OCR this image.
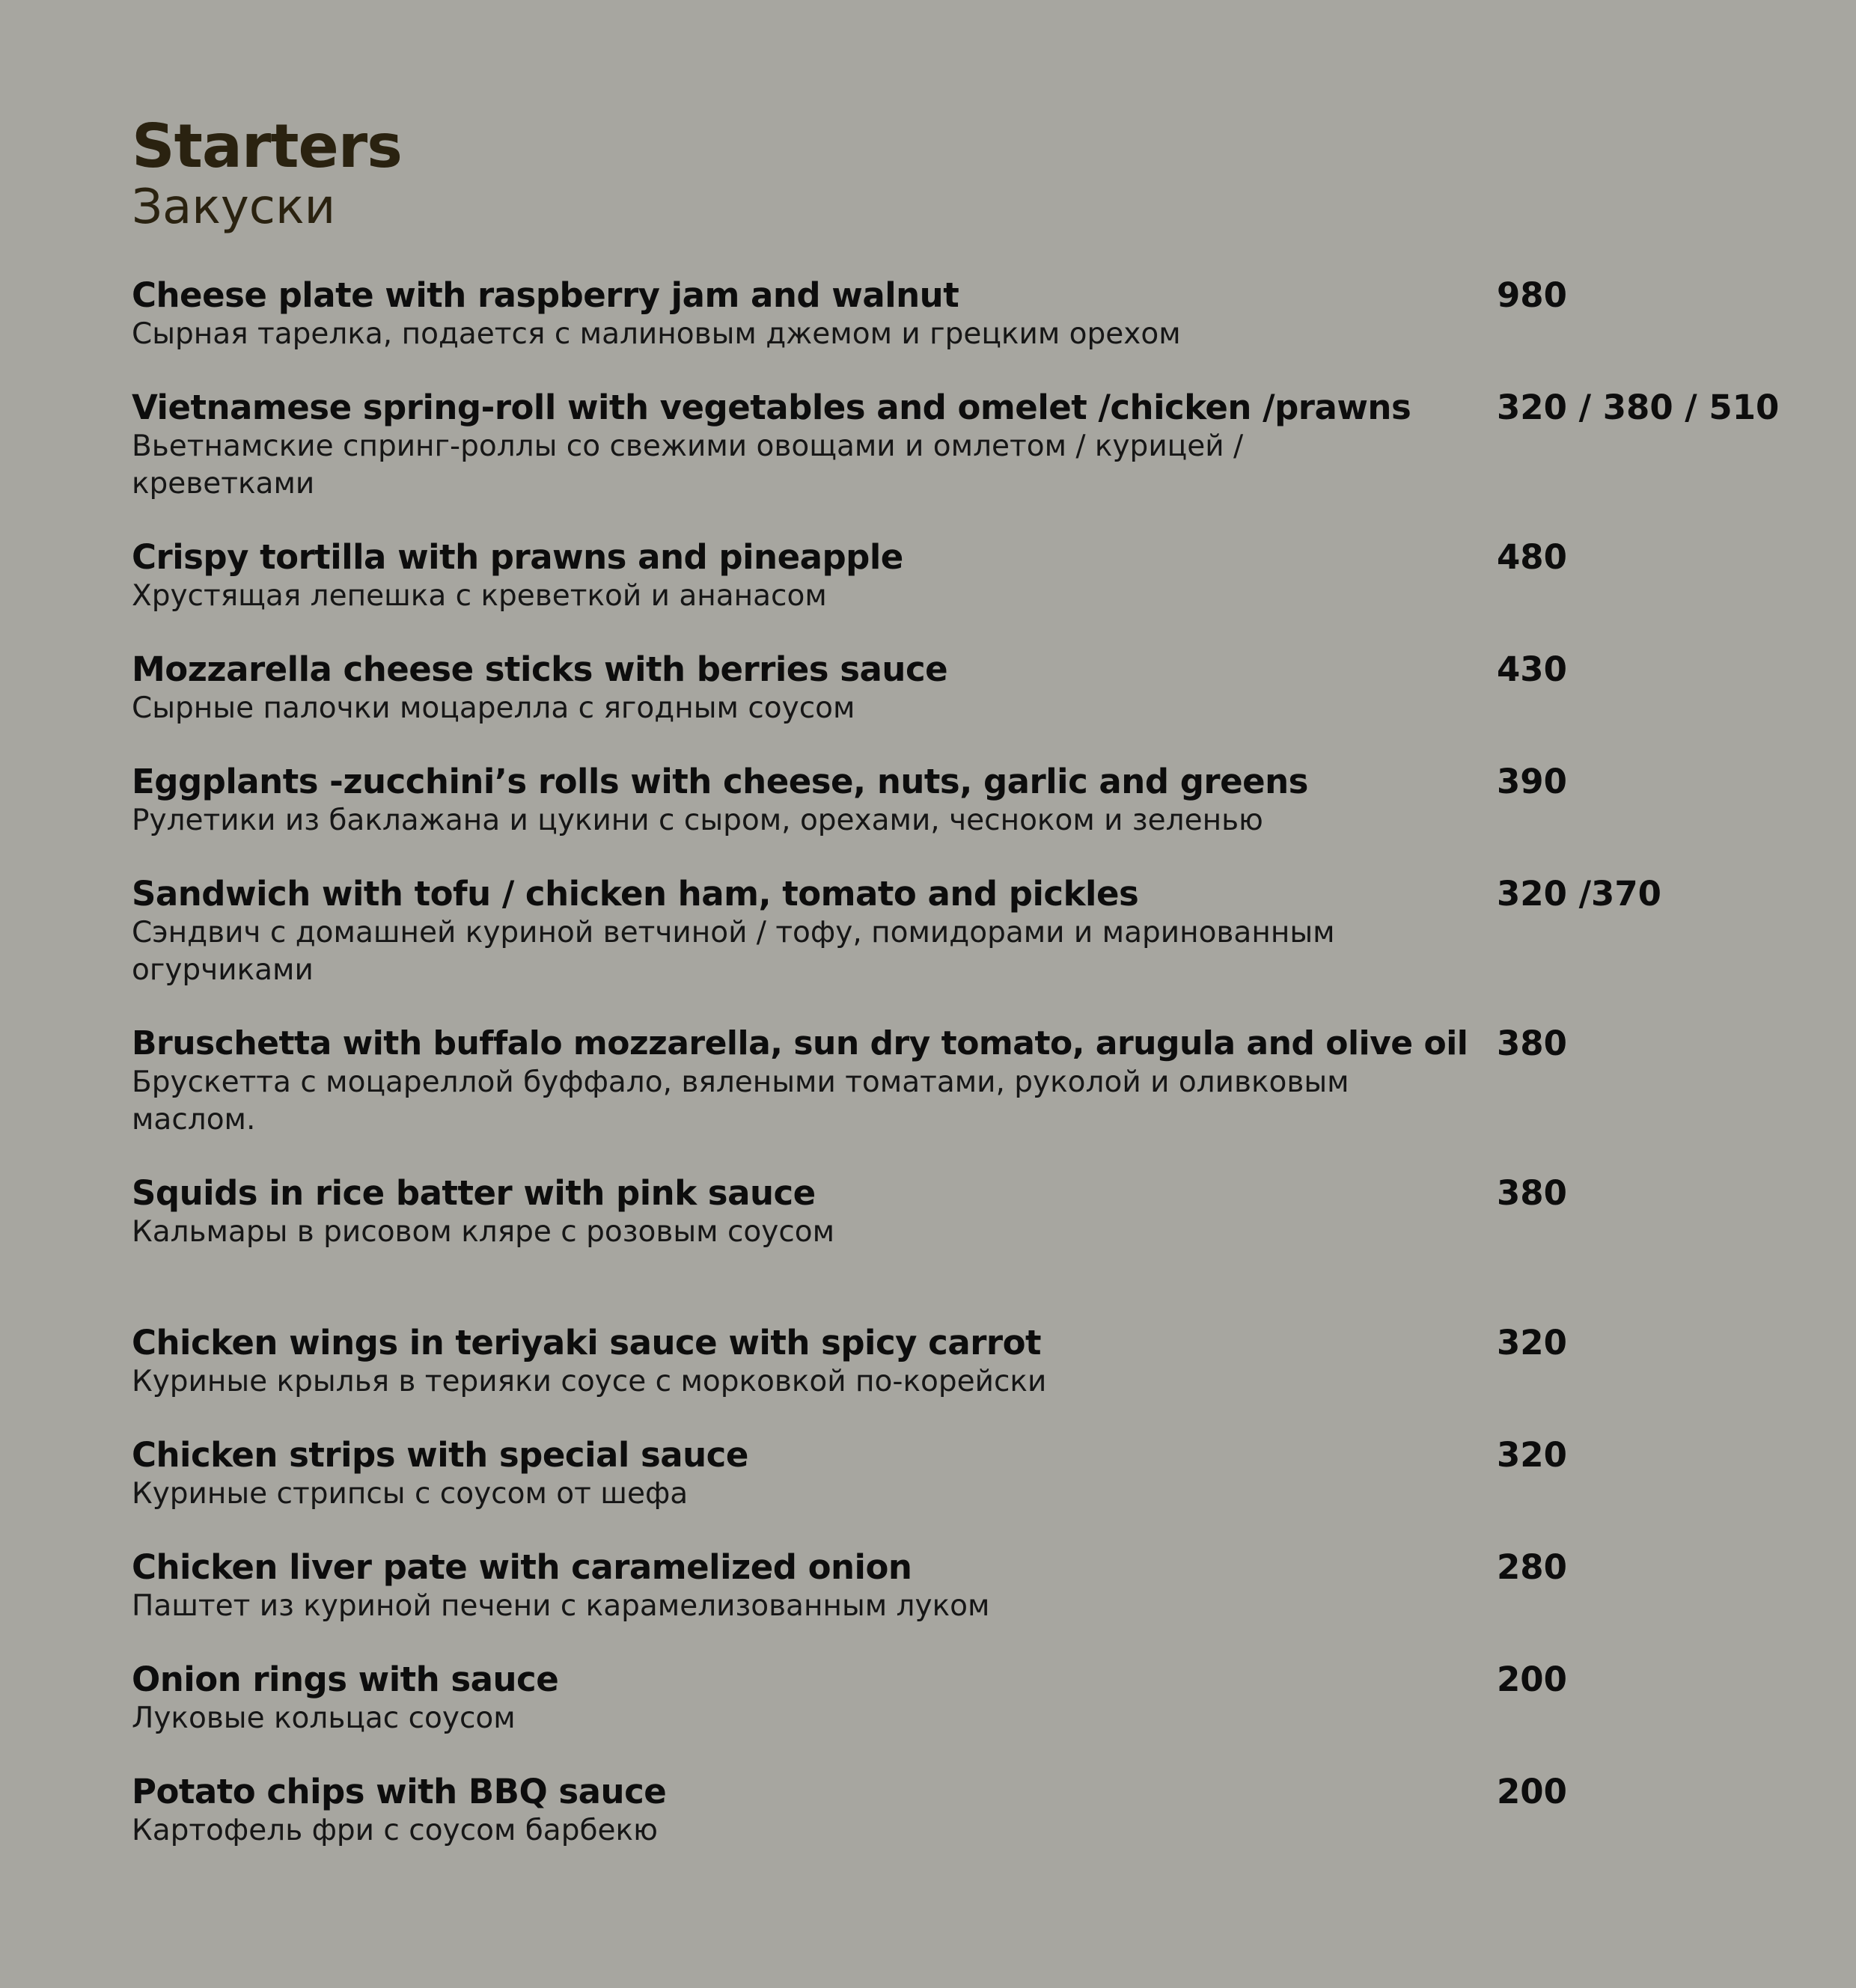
Starters
Закуски
Cheese plate with raspberry jam and walnut	980
Сырная тарелка, подается с малиновым джемом и грецким орехом
Vietnamese spring-roll with vegetables and omelet /chicken /prawns	320 / 380 / 510
Вьетнамские спринг-роллы со свежими овощами и омлетом / курицей / креветками
Crispy tortilla with prawns and pineapple	480
Хрустящая лепешка с креветкой и ананасом
Mozzarella cheese sticks with berries sauce	430
Сырные палочки моцарелла с ягодным соусом
Eggplants -zucchini’s rolls with cheese, nuts, garlic and greens	390
Рулетики из баклажана и цукини с сыром, орехами, чесноком и зеленью
Sandwich with tofu / chicken ham, tomato and pickles	320 /370
Сэндвич с домашней куриной ветчиной / тофу, помидорами и маринованным огурчиками
Bruschetta with buffalo mozzarella, sun dry tomato, arugula and olive oil 380
Брускетта с моцареллой буффало, вялеными томатами, руколой и оливковым маслом.
Squids in rice batter with pink sauce	380
Кальмары в рисовом кляре с розовым соусом
Chicken wings in teriyaki sauce with spicy carrot	320
Куриные крылья в терияки соусе с морковкой по-корейски
Chicken strips with special sauce	320
Куриные стрипсы с соусом от шефа
Chicken liver pate with caramelized onion	280
Паштет из куриной печени с карамелизованным луком
Onion rings with sauce	200
Луковые кольцас соусом
Potato chips with BBQ sauce	200
Картофель фри с соусом барбекю
